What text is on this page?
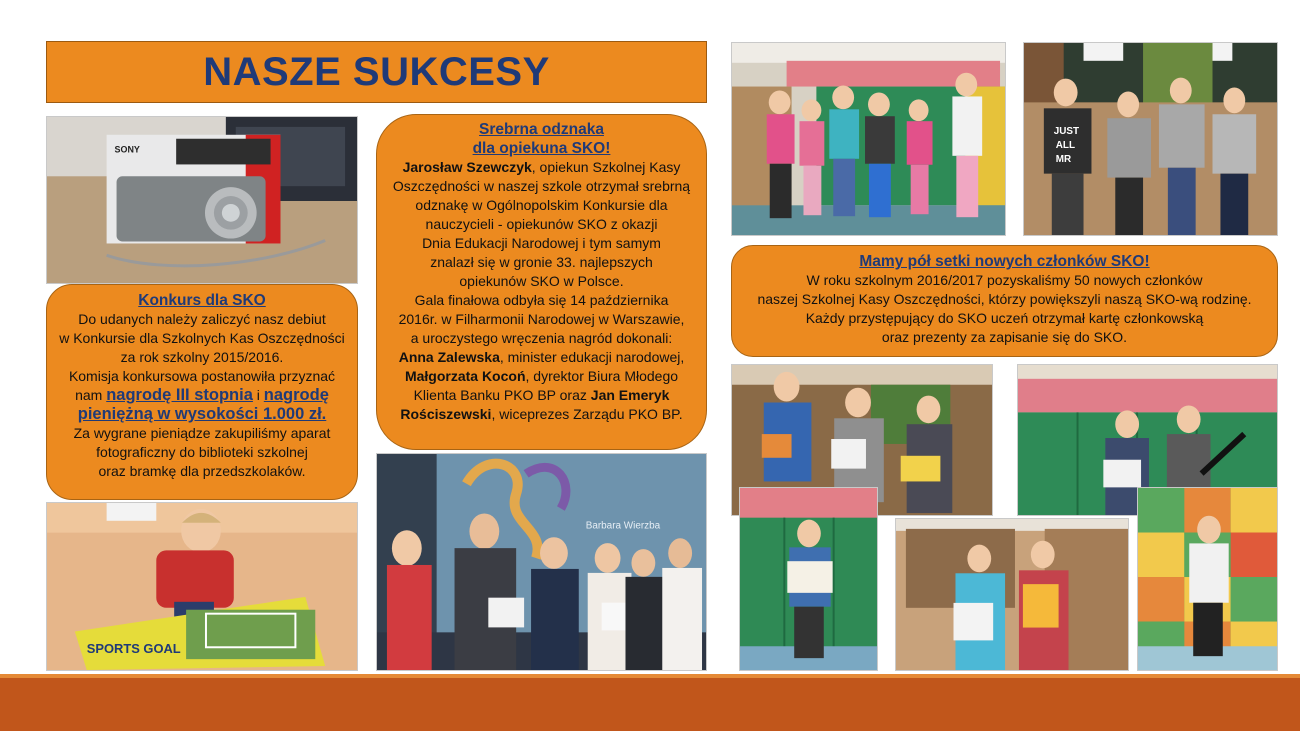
NASZE SUKCESY
SONY
Konkurs dla SKO
Do udanych należy zaliczyć nasz debiut
w Konkursie dla Szkolnych Kas Oszczędności
za rok szkolny 2015/2016.
Komisja konkursowa postanowiła przyznać
nam nagrodę III stopnia i nagrodę
pieniężną w wysokości 1.000 zł.
Za wygrane pieniądze zakupiliśmy aparat
fotograficzny do biblioteki szkolnej
oraz bramkę dla przedszkolaków.
SPORTS GOAL
Srebrna odznaka
dla opiekuna SKO!
Jarosław Szewczyk, opiekun Szkolnej Kasy
Oszczędności w naszej szkole otrzymał srebrną
odznakę w Ogólnopolskim Konkursie dla
nauczycieli - opiekunów SKO z okazji
Dnia Edukacji Narodowej i tym samym
znalazł się w gronie 33. najlepszych
opiekunów SKO w Polsce.
Gala finałowa odbyła się 14 października
2016r. w Filharmonii Narodowej w Warszawie,
a uroczystego wręczenia nagród dokonali:
Anna Zalewska, minister edukacji narodowej,
Małgorzata Kocoń, dyrektor Biura Młodego
Klienta Banku PKO BP oraz Jan Emeryk
Rościszewski, wiceprezes Zarządu PKO BP.
Barbara Wierzba
JUST
ALL
MR
Mamy pół setki nowych członków SKO!
W roku szkolnym 2016/2017 pozyskaliśmy 50 nowych członków
naszej Szkolnej Kasy Oszczędności, którzy powiększyli naszą SKO-wą rodzinę.
Każdy przystępujący do SKO uczeń otrzymał kartę członkowską
oraz prezenty za zapisanie się do SKO.
